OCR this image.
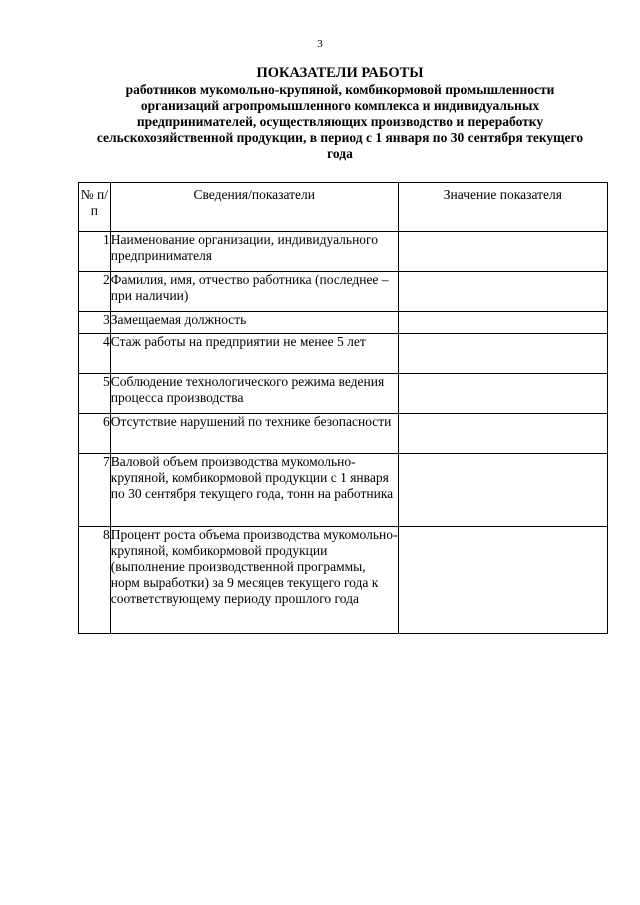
3
ПОКАЗАТЕЛИ РАБОТЫ
работников мукомольно-крупяной, комбикормовой промышленности организаций агропромышленного комплекса и индивидуальных предпринимателей, осуществляющих производство и переработку сельскохозяйственной продукции, в период с 1 января по 30 сентября текущего года
№ п/п	Сведения/показатели	Значение показателя
1	Наименование организации, индивидуального предпринимателя	
2	Фамилия, имя, отчество работника (последнее – при наличии)	
3	Замещаемая должность	
4	Стаж работы на предприятии не менее 5 лет	
5	Соблюдение технологического режима ведения процесса производства	
6	Отсутствие нарушений по технике безопасности	
7	Валовой объем производства мукомольно-крупяной, комбикормовой продукции с 1 января по 30 сентября текущего года, тонн на работника	
8	Процент роста объема производства мукомольно-крупяной, комбикормовой продукции (выполнение производственной программы, норм выработки) за 9 месяцев текущего года к соответствующему периоду прошлого года	
